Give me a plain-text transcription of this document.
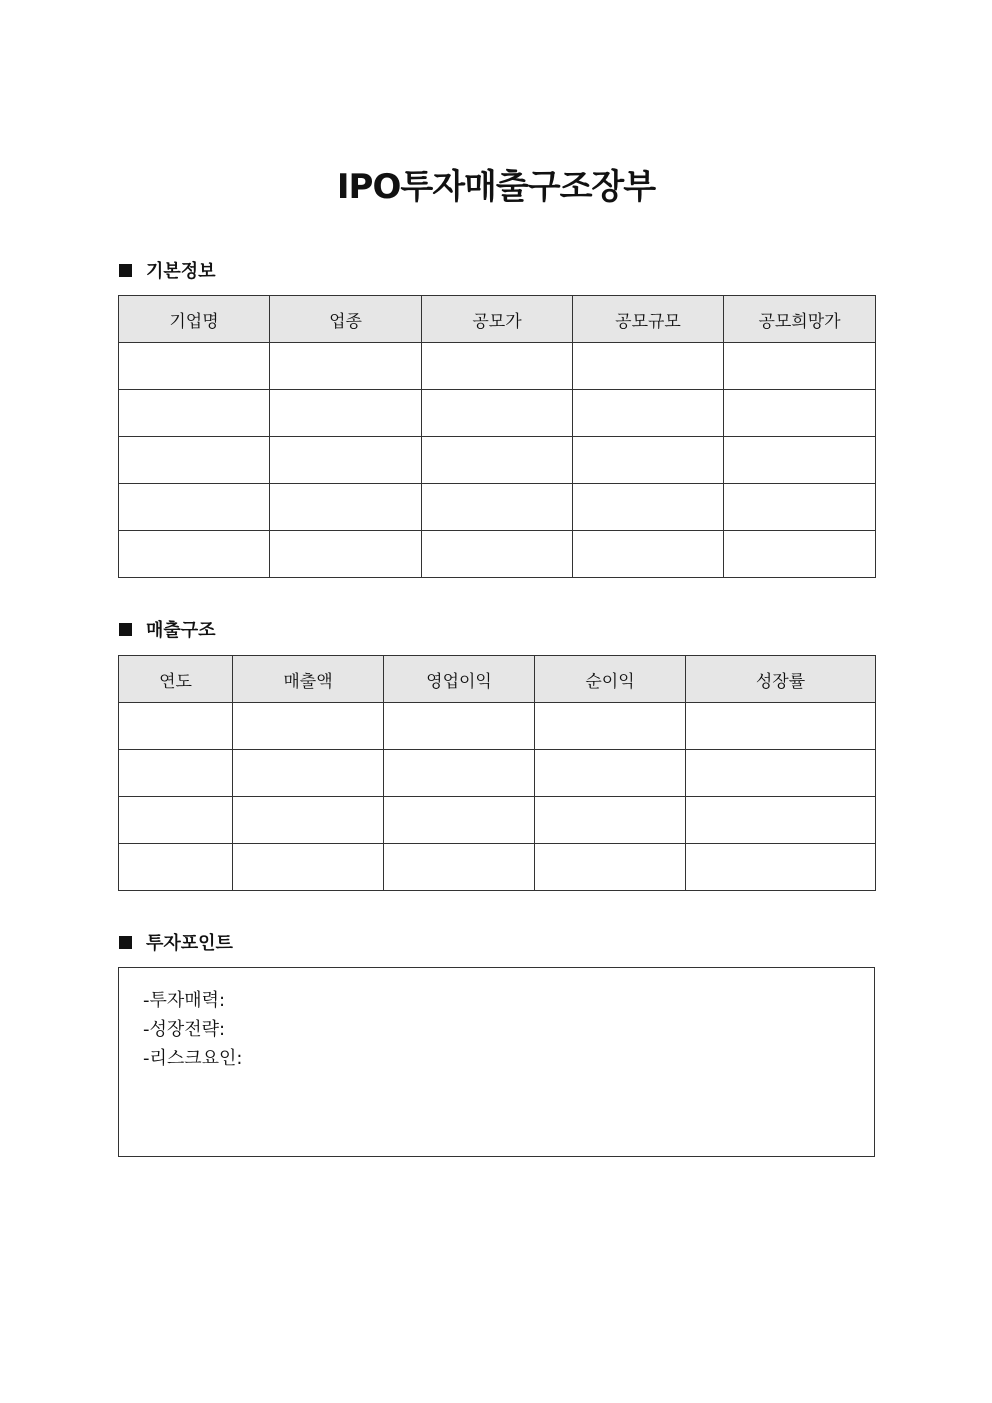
IPO투자매출구조장부
기본정보
기업명	업종	공모가	공모규모	공모희망가

매출구조
연도	매출액	영업이익	순이익	성장률

투자포인트
-투자매력:
-성장전략:
-리스크요인:
